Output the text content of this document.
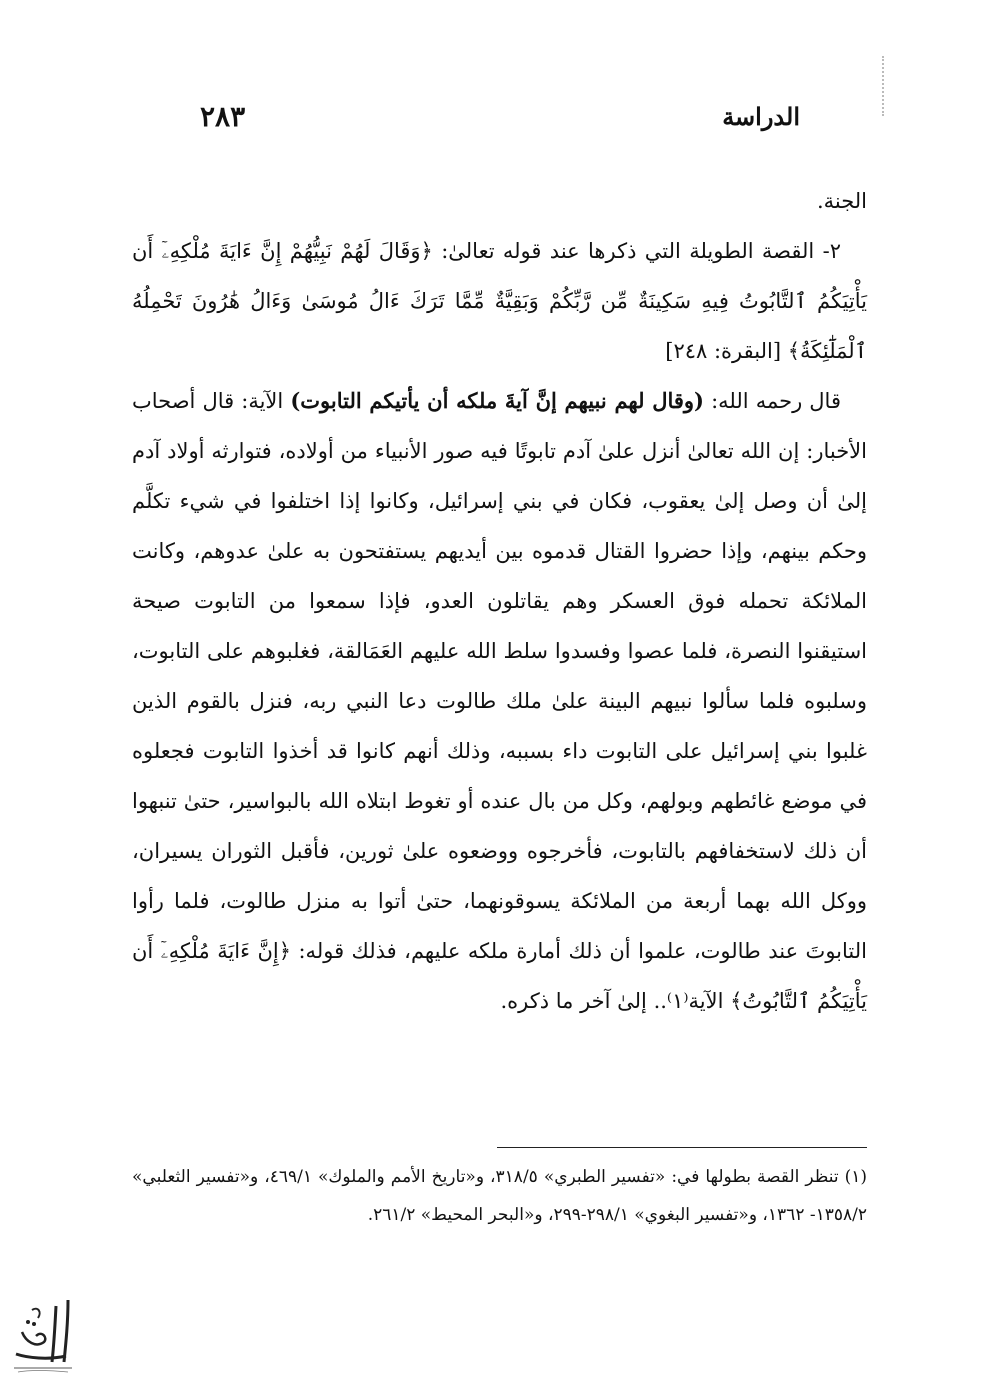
الدراسة
٢٨٣

الجنة.

٢- القصة الطويلة التي ذكرها عند قوله تعالىٰ: ﴿وَقَالَ لَهُمْ نَبِيُّهُمْ إِنَّ ءَايَةَ مُلْكِهِۦٓ أَن يَأْتِيَكُمُ ٱلتَّابُوتُ فِيهِ سَكِينَةٌ مِّن رَّبِّكُمْ وَبَقِيَّةٌ مِّمَّا تَرَكَ ءَالُ مُوسَىٰ وَءَالُ هَٰرُونَ تَحْمِلُهُ ٱلْمَلَٰٓئِكَةُ﴾ [البقرة: ٢٤٨]

قال رحمه الله: (وقال لهم نبيهم إنَّ آيةَ ملكه أن يأتيكم التابوت) الآية: قال أصحاب الأخبار: إن الله تعالىٰ أنزل علىٰ آدم تابوتًا فيه صور الأنبياء من أولاده، فتوارثه أولاد آدم إلىٰ أن وصل إلىٰ يعقوب، فكان في بني إسرائيل، وكانوا إذا اختلفوا في شيء تكلَّم وحكم بينهم، وإذا حضروا القتال قدموه بين أيديهم يستفتحون به علىٰ عدوهم، وكانت الملائكة تحمله فوق العسكر وهم يقاتلون العدو، فإذا سمعوا من التابوت صيحة استيقنوا النصرة، فلما عصوا وفسدوا سلط الله عليهم العَمَالقة، فغلبوهم على التابوت، وسلبوه فلما سألوا نبيهم البينة علىٰ ملك طالوت دعا النبي ربه، فنزل بالقوم الذين غلبوا بني إسرائيل على التابوت داء بسببه، وذلك أنهم كانوا قد أخذوا التابوت فجعلوه في موضع غائطهم وبولهم، وكل من بال عنده أو تغوط ابتلاه الله بالبواسير، حتىٰ تنبهوا أن ذلك لاستخفافهم بالتابوت، فأخرجوه ووضعوه علىٰ ثورين، فأقبل الثوران يسيران، ووكل الله بهما أربعة من الملائكة يسوقونهما، حتىٰ أتوا به منزل طالوت، فلما رأوا التابوتَ عند طالوت، علموا أن ذلك أمارة ملكه عليهم، فذلك قوله: ﴿إِنَّ ءَايَةَ مُلْكِهِۦٓ أَن يَأْتِيَكُمُ ٱلتَّابُوتُ﴾ الآية⁽١⁾.. إلىٰ آخر ما ذكره.

(١) تنظر القصة بطولها في: «تفسير الطبري» ٣١٨/٥، و«تاريخ الأمم والملوك» ٤٦٩/١، و«تفسير الثعلبي» ١٣٥٨/٢- ١٣٦٢، و«تفسير البغوي» ٢٩٨/١-٢٩٩، و«البحر المحيط» ٢٦١/٢.
